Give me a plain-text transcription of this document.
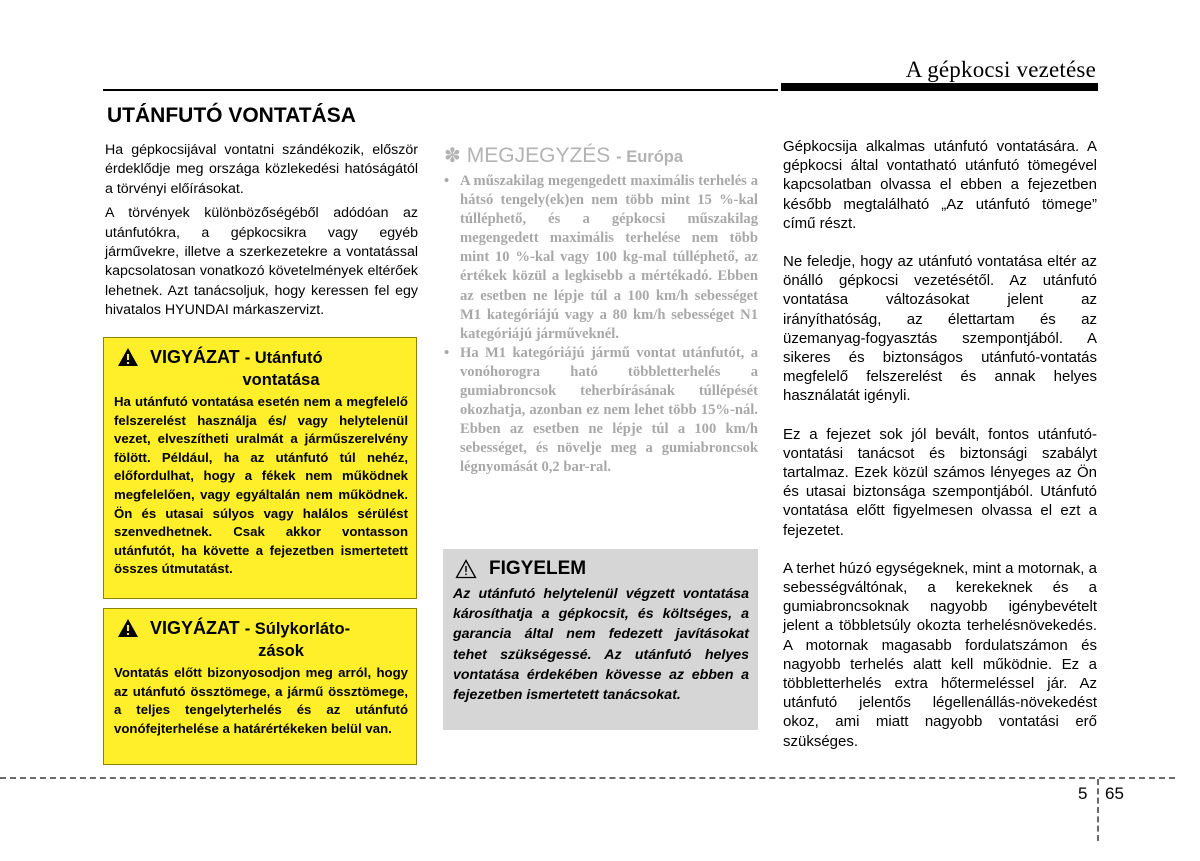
A gépkocsi vezetése
UTÁNFUTÓ VONTATÁSA

Ha gépkocsijával vontatni szándékozik, először érdeklődje meg országa közlekedési hatóságától a törvényi előírásokat.

A törvények különbözőségéből adódóan az utánfutókra, a gépkocsikra vagy egyéb járművekre, illetve a szerkezetekre a vontatással kapcsolatosan vonatkozó követelmények eltérőek lehetnek. Azt tanácsoljuk, hogy keressen fel egy hivatalos HYUNDAI márkaszervizt.

VIGYÁZAT - Utánfutó
vontatása
Ha utánfutó vontatása esetén nem a megfelelő felszerelést használja és/ vagy helytelenül vezet, elveszítheti uralmát a járműszerelvény fölött. Például, ha az utánfutó túl nehéz, előfordulhat, hogy a fékek nem működnek megfelelően, vagy egyáltalán nem működnek. Ön és utasai súlyos vagy halálos sérülést szenvedhetnek. Csak akkor vontasson utánfutót, ha követte a fejezetben ismertetett összes útmutatást.
VIGYÁZAT - Súlykorláto-
zások
Vontatás előtt bizonyosodjon meg arról, hogy az utánfutó össztömege, a jármű össztömege, a teljes tengelyterhelés és az utánfutó vonófejterhelése a határértékeken belül van.
✽ MEGJEGYZÉS - Európa
• A műszakilag megengedett maximális terhelés a hátsó tengely(ek)en nem több mint 15 %-kal túlléphető, és a gépkocsi műszakilag megengedett maximális terhelése nem több mint 10 %-kal vagy 100 kg-mal túlléphető, az értékek közül a legkisebb a mértékadó. Ebben az esetben ne lépje túl a 100 km/h sebességet M1 kategóriájú vagy a 80 km/h sebességet N1 kategóriájú járműveknél.
• Ha M1 kategóriájú jármű vontat utánfutót, a vonóhorogra ható többletterhelés a gumiabroncsok teherbírásának túllépését okozhatja, azonban ez nem lehet több 15%-nál. Ebben az esetben ne lépje túl a 100 km/h sebességet, és növelje meg a gumiabroncsok légnyomását 0,2 bar-ral.
FIGYELEM
Az utánfutó helytelenül végzett vontatása károsíthatja a gépkocsit, és költséges, a garancia által nem fedezett javításokat tehet szükségessé. Az utánfutó helyes vontatása érdekében kövesse az ebben a fejezetben ismertetett tanácsokat.

Gépkocsija alkalmas utánfutó vontatására. A gépkocsi által vontatható utánfutó tömegével kapcsolatban olvassa el ebben a fejezetben később megtalálható „Az utánfutó tömege” című részt.

Ne feledje, hogy az utánfutó vontatása eltér az önálló gépkocsi vezetésétől. Az utánfutó vontatása változásokat jelent az irányíthatóság, az élettartam és az üzemanyag-fogyasztás szempontjából. A sikeres és biztonságos utánfutó-vontatás megfelelő felszerelést és annak helyes használatát igényli.

Ez a fejezet sok jól bevált, fontos utánfutó-vontatási tanácsot és biztonsági szabályt tartalmaz. Ezek közül számos lényeges az Ön és utasai biztonsága szempontjából. Utánfutó vontatása előtt figyelmesen olvassa el ezt a fejezetet.

A terhet húzó egységeknek, mint a motornak, a sebességváltónak, a kerekeknek és a gumiabroncsoknak nagyobb igénybevételt jelent a többletsúly okozta terhelésnövekedés. A motornak magasabb fordulatszámon és nagyobb terhelés alatt kell működnie. Ez a többletterhelés extra hőtermeléssel jár. Az utánfutó jelentős légellenállás-növekedést okoz, ami miatt nagyobb vontatási erő szükséges.

5 65
